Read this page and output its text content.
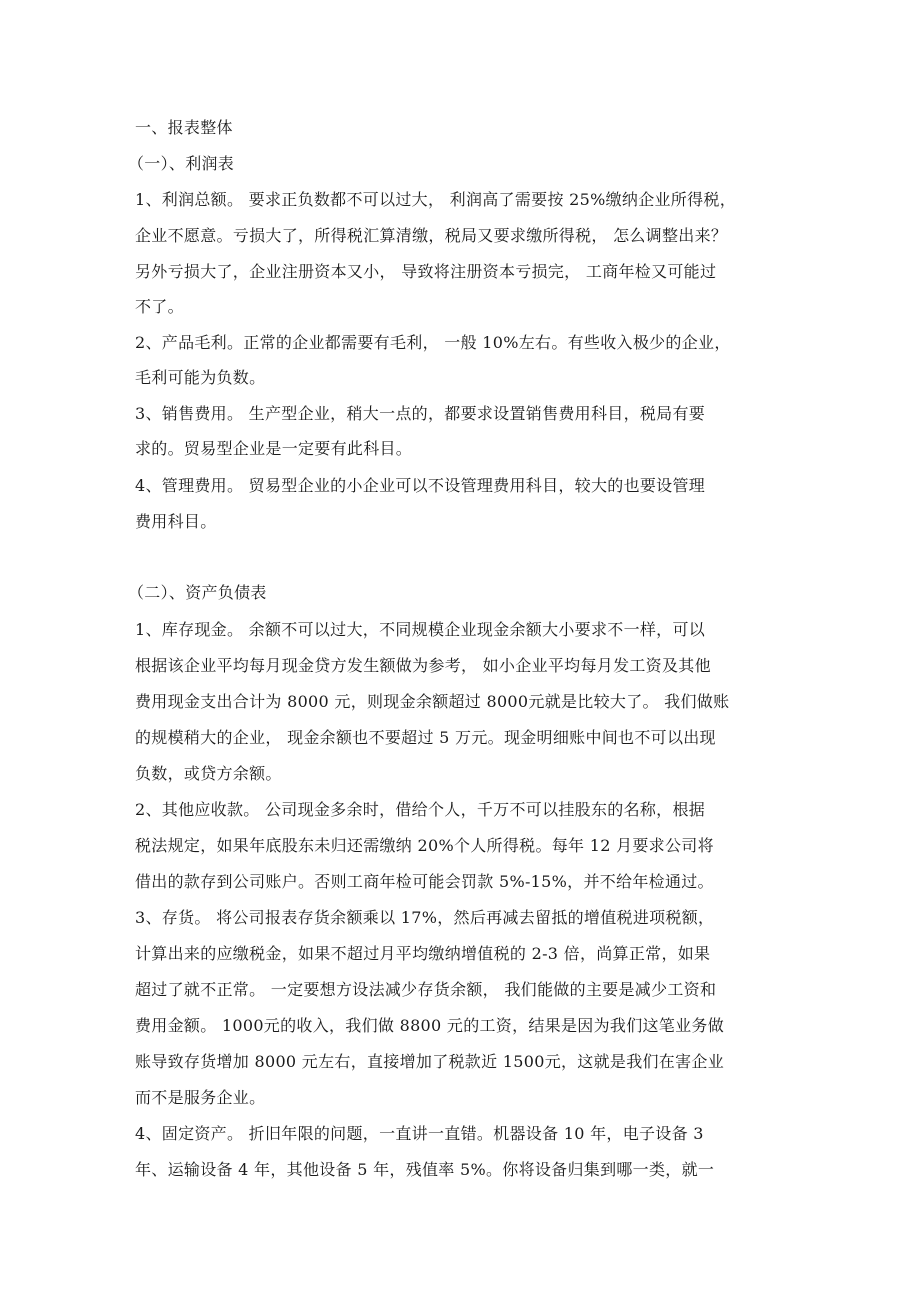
一、报表整体
（一）、利润表
1、利润总额。 要求正负数都不可以过大， 利润高了需要按 25%缴纳企业所得税，
企业不愿意。亏损大了，所得税汇算清缴，税局又要求缴所得税， 怎么调整出来？
另外亏损大了，企业注册资本又小， 导致将注册资本亏损完， 工商年检又可能过
不了。
2、产品毛利。正常的企业都需要有毛利， 一般 10%左右。有些收入极少的企业，
毛利可能为负数。
3、销售费用。 生产型企业，稍大一点的，都要求设置销售费用科目，税局有要
求的。贸易型企业是一定要有此科目。
4、管理费用。 贸易型企业的小企业可以不设管理费用科目，较大的也要设管理
费用科目。
（二）、资产负债表
1、库存现金。 余额不可以过大，不同规模企业现金余额大小要求不一样，可以
根据该企业平均每月现金贷方发生额做为参考， 如小企业平均每月发工资及其他
费用现金支出合计为 8000 元，则现金余额超过 8000元就是比较大了。 我们做账
的规模稍大的企业， 现金余额也不要超过 5 万元。现金明细账中间也不可以出现
负数，或贷方余额。
2、其他应收款。 公司现金多余时，借给个人，千万不可以挂股东的名称，根据
税法规定，如果年底股东未归还需缴纳 20%个人所得税。每年 12 月要求公司将
借出的款存到公司账户。否则工商年检可能会罚款 5%-15%，并不给年检通过。
3、存货。 将公司报表存货余额乘以 17%，然后再减去留抵的增值税进项税额，
计算出来的应缴税金，如果不超过月平均缴纳增值税的 2-3 倍，尚算正常，如果
超过了就不正常。 一定要想方设法减少存货余额， 我们能做的主要是减少工资和
费用金额。 1000元的收入，我们做 8800 元的工资，结果是因为我们这笔业务做
账导致存货增加 8000 元左右，直接增加了税款近 1500元，这就是我们在害企业
而不是服务企业。
4、固定资产。 折旧年限的问题，一直讲一直错。机器设备 10 年，电子设备 3
年、运输设备 4 年，其他设备 5 年，残值率 5%。你将设备归集到哪一类，就一
